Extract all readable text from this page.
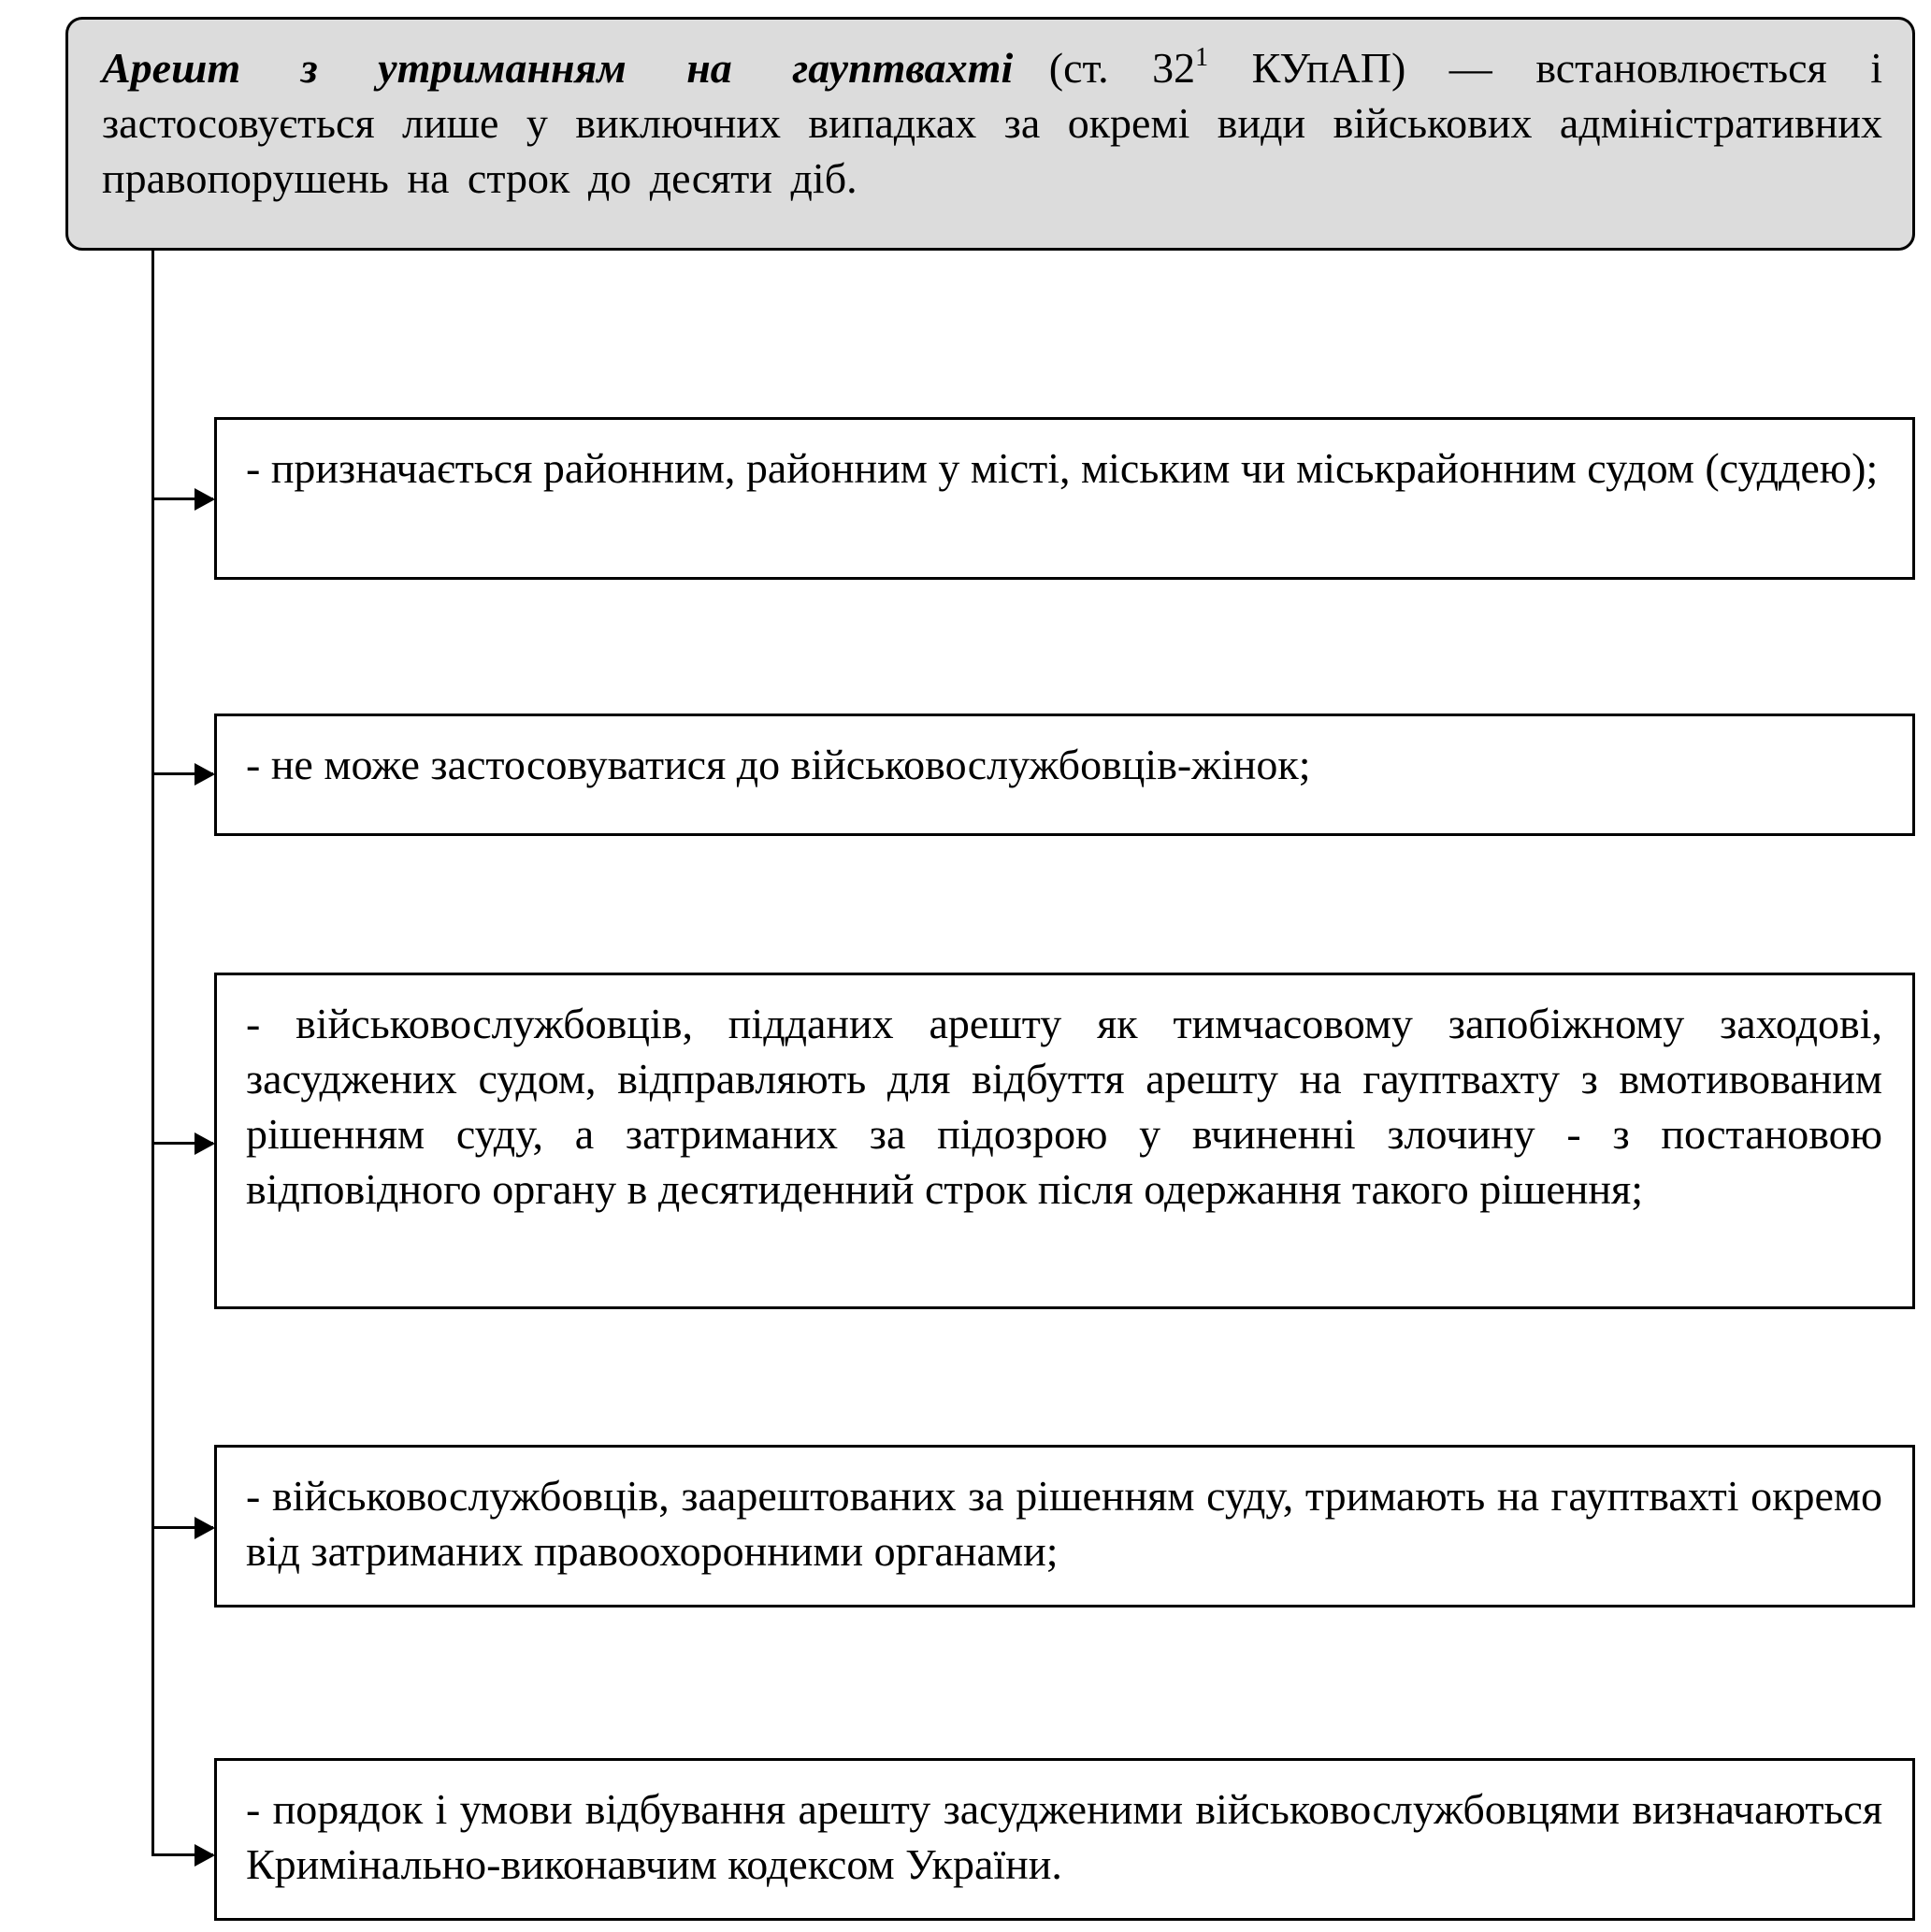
Арешт з утриманням на гауптвахті (ст. $32^1$ КУпАП) — встановлюється і застосовується лише у виключних випадках за окремі види військових адміністративних правопорушень на строк до десяти діб.
- призначається районним, районним у місті, міським чи міськрайонним судом (суддею);
- не може застосовуватися до військовослужбовців-жінок;
- військовослужбовців, підданих арешту як тимчасовому запобіжному заходові, засуджених судом, відправляють для відбуття арешту на гауптвахту з вмотивованим рішенням суду, а затриманих за підозрою у вчиненні злочину - з постановою відповідного органу в десятиденний строк після одержання такого рішення;
- військовослужбовців, заарештованих за рішенням суду, тримають на гауптвахті окремо від затриманих правоохоронними органами;
- порядок і умови відбування арешту засудженими військовослужбовцями визначаються Кримінально-виконавчим кодексом України.
